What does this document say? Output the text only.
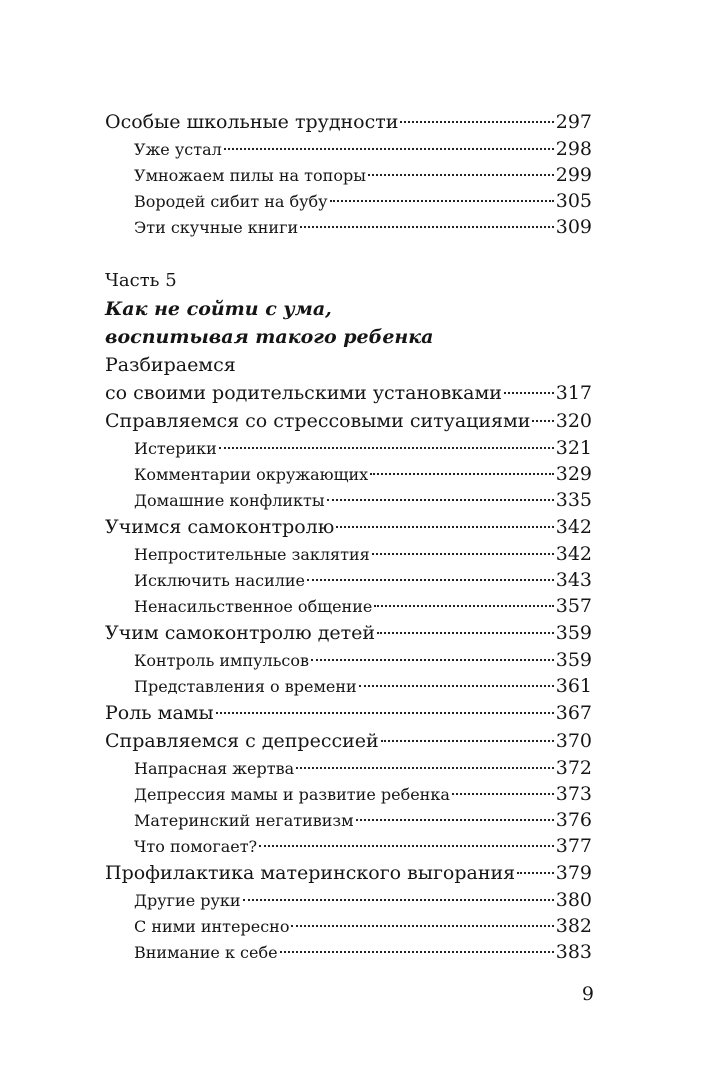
Особые школьные трудности	297
Уже устал	298
Умножаем пилы на топоры	299
Вородей сибит на бубу	305
Эти скучные книги	309
Часть 5
Как не сойти с ума,
воспитывая такого ребенка
Разбираемся
со своими родительскими установками	317
Справляемся со стрессовыми ситуациями 320
Истерики	321
Комментарии окружающих	329
Домашние конфликты	335
Учимся самоконтролю	342
Непростительные заклятия	342
Исключить насилие	343
Ненасильственное общение	357
Учим самоконтролю детей	359
Контроль импульсов	359
Представления о времени	361
Роль мамы	367
Справляемся с депрессией	370
Напрасная жертва	372
Депрессия мамы и развитие ребенка	373
Материнский негативизм	376
Что помогает?	377
Профилактика материнского выгорания 379
Другие руки	380
С ними интересно	382
Внимание к себе	383
9
